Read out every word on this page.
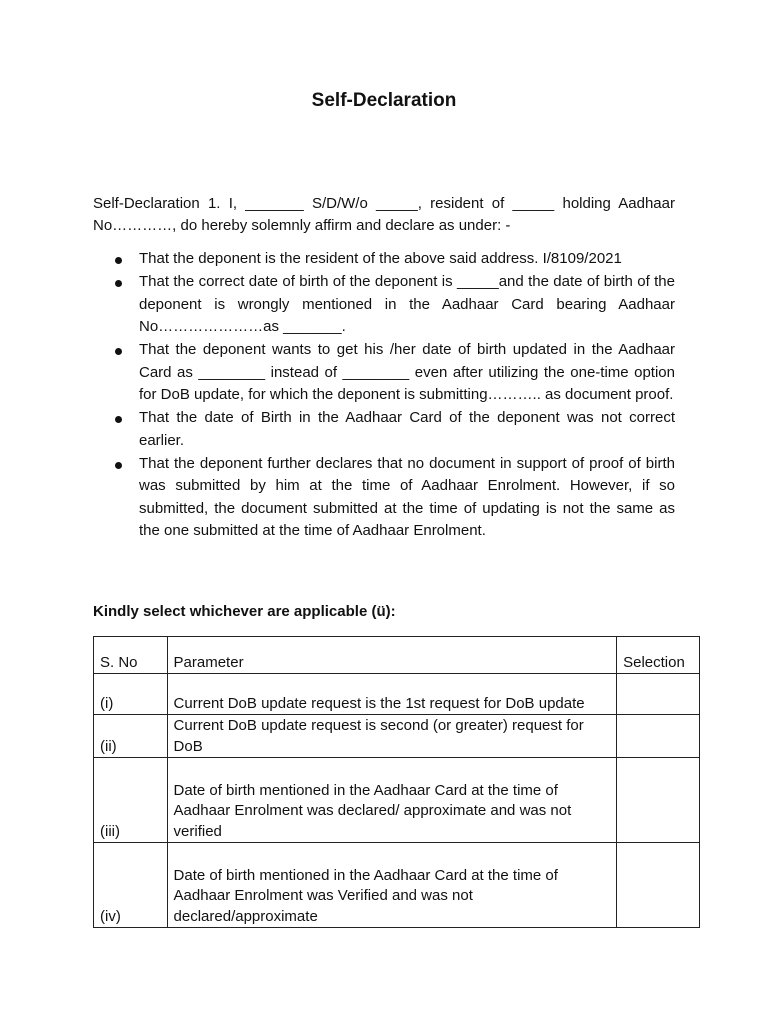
Self-Declaration
Self-Declaration 1. I, _______ S/D/W/o _____, resident of _____ holding Aadhaar No…………, do hereby solemnly affirm and declare as under: -
That the deponent is the resident of the above said address. I/8109/2021
That the correct date of birth of the deponent is _____and the date of birth of the deponent is wrongly mentioned in the Aadhaar Card bearing Aadhaar No…………………as _______.
That the deponent wants to get his /her date of birth updated in the Aadhaar Card as ________ instead of ________ even after utilizing the one-time option for DoB update, for which the deponent is submitting……….. as document proof.
That the date of Birth in the Aadhaar Card of the deponent was not correct earlier.
That the deponent further declares that no document in support of proof of birth was submitted by him at the time of Aadhaar Enrolment. However, if so submitted, the document submitted at the time of updating is not the same as the one submitted at the time of Aadhaar Enrolment.
Kindly select whichever are applicable (ü):
S. No	Parameter	Selection
(i)	Current DoB update request is the 1st request for DoB update	
(ii)	Current DoB update request is second (or greater) request for DoB	
(iii)	Date of birth mentioned in the Aadhaar Card at the time of Aadhaar Enrolment was declared/ approximate and was not verified	
(iv)	Date of birth mentioned in the Aadhaar Card at the time of Aadhaar Enrolment was Verified and was not declared/approximate	
